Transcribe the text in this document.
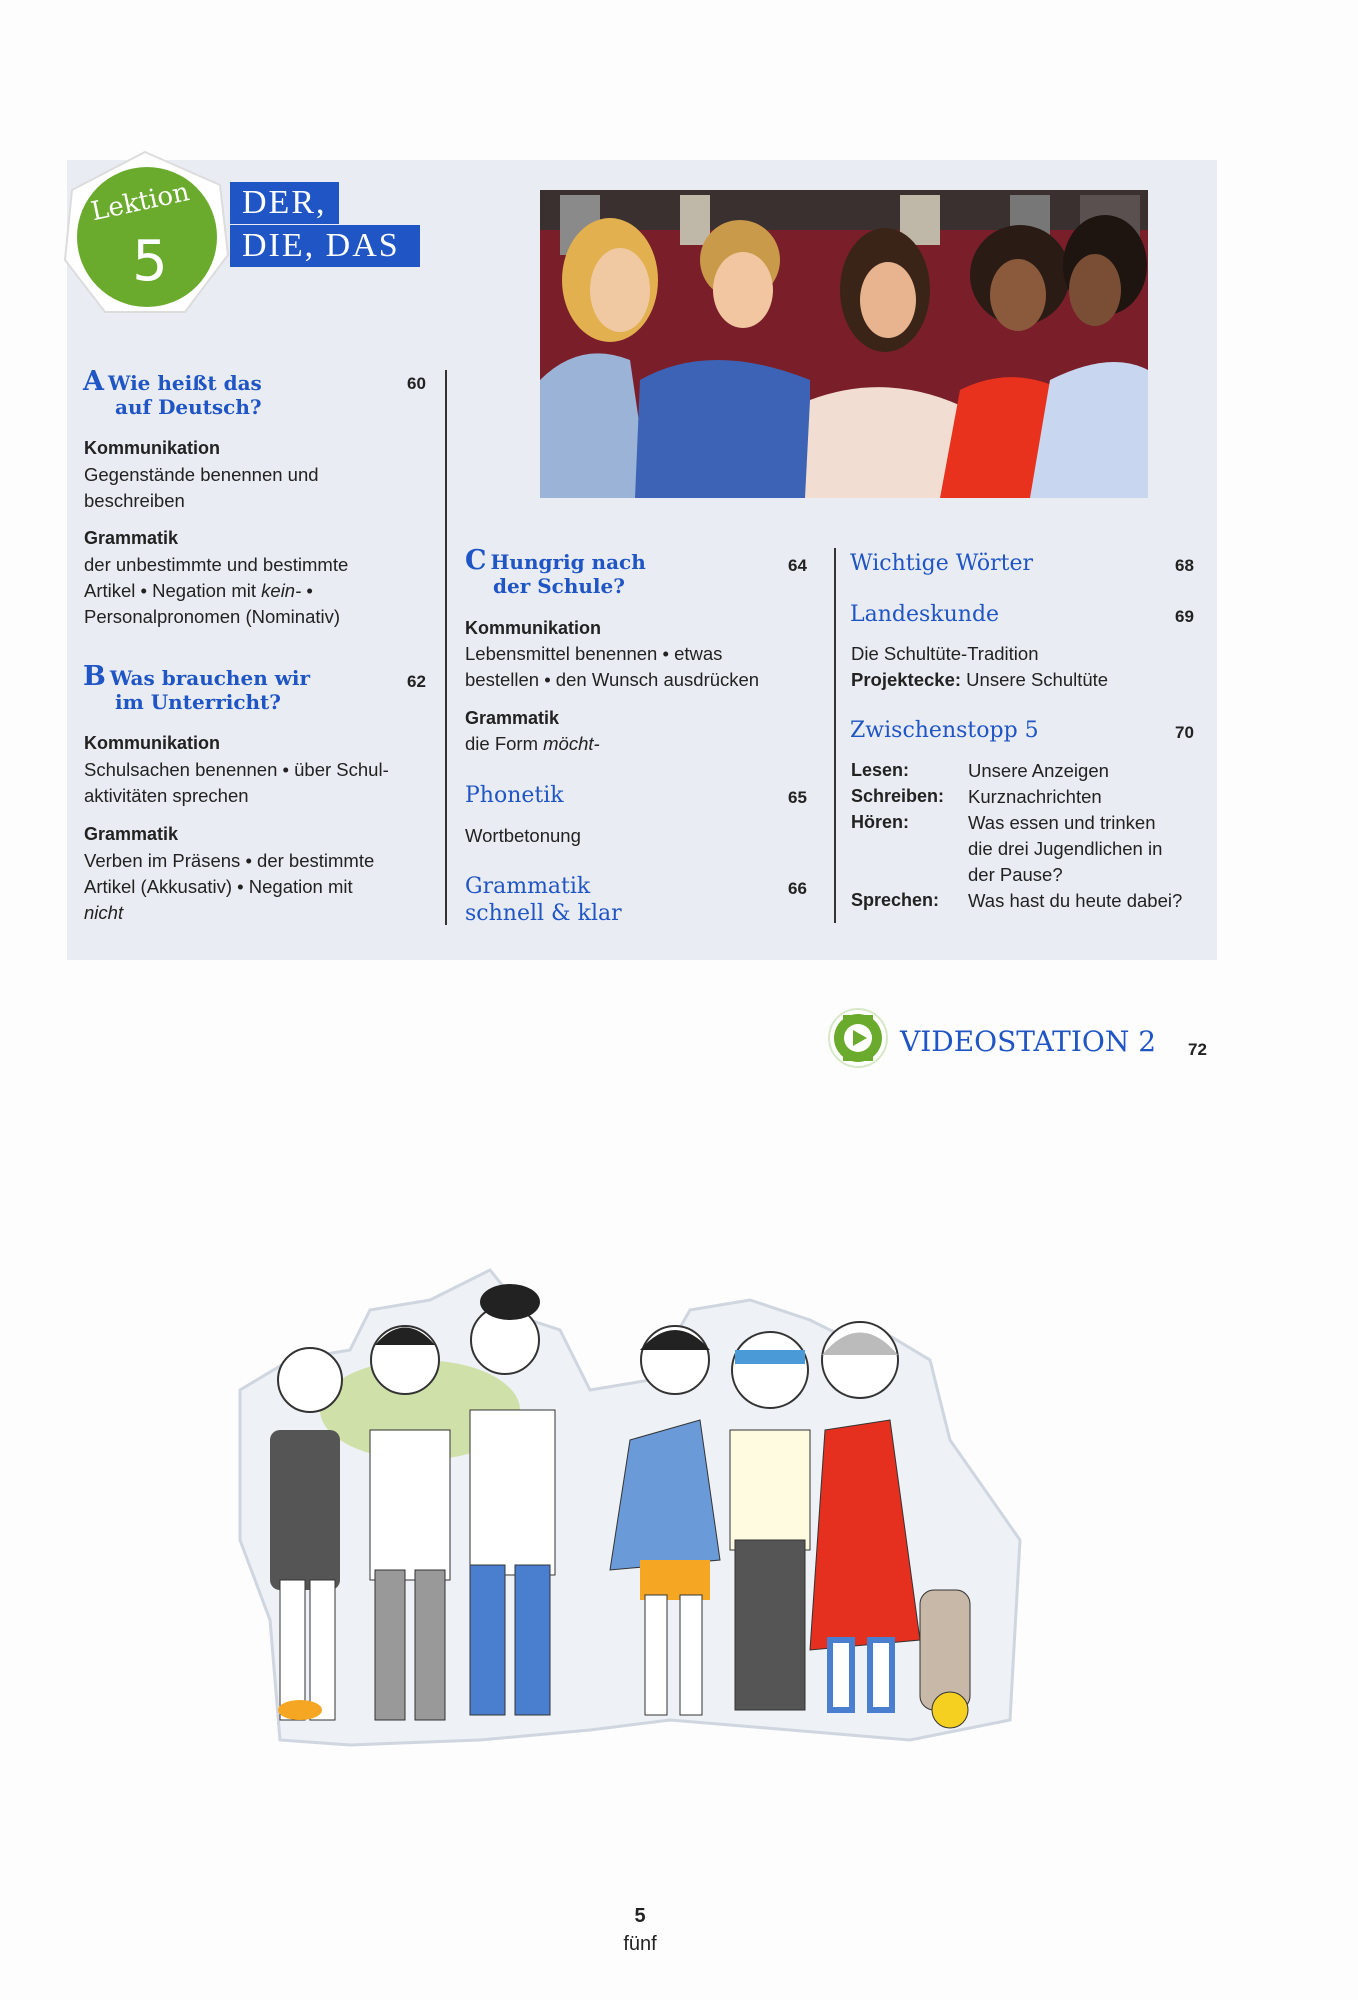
Lektion
5
DER,
DIE, DAS
A Wie heißt das
auf Deutsch?
60
Kommunikation
Gegenstände benennen und
beschreiben
Grammatik
der unbestimmte und bestimmte
Artikel • Negation mit kein- •
Personalpronomen (Nominativ)
B Was brauchen wir
im Unterricht?
62
Kommunikation
Schulsachen benennen • über Schul-
aktivitäten sprechen
Grammatik
Verben im Präsens • der bestimmte
Artikel (Akkusativ) • Negation mit
nicht
C Hungrig nach
der Schule?
64
Kommunikation
Lebensmittel benennen • etwas
bestellen • den Wunsch ausdrücken
Grammatik
die Form möcht-
Phonetik	65
Wortbetonung
Grammatik
schnell & klar
66
Wichtige Wörter	68
Landeskunde	69
Die Schultüte-Tradition
Projektecke: Unsere Schultüte
Zwischenstopp 5	70
Lesen:	Unsere Anzeigen
Schreiben: Kurznachrichten
Hören:	Was essen und trinken
die drei Jugendlichen in
der Pause?
Sprechen: Was hast du heute dabei?
VIDEOSTATION 2 72
5
fünf
